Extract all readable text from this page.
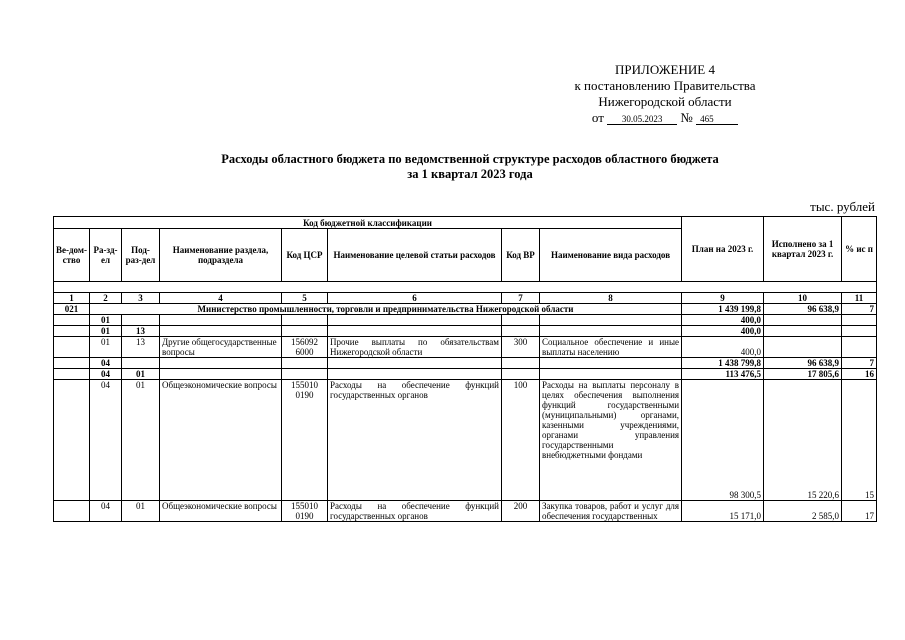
ПРИЛОЖЕНИЕ 4
к постановлению Правительства
Нижегородской области
от 30.05.2023 № 465
Расходы областного бюджета по ведомственной структуре расходов областного бюджета
за 1 квартал 2023 года
тыс. рублей
Код бюджетной классификации								План на 2023 г.	Исполнено за 1 квартал 2023 г.	% ис п
Ве-дом-ство	Ра-зд-ел	Под-раз-дел	Наименование раздела, подраздела	Код ЦСР	Наименование целевой статьи расходов	Код ВР	Наименование вида расходов			

1	2	3	4	5	6	7	8	9	10	11
021	Министерство промышленности, торговли и предпринимательства Нижегородской области							1 439 199,8	96 638,9	7
	01							400,0		
	01	13						400,0		
	01	13	Другие общегосударственные вопросы	156092 6000	Прочие выплаты по обязательствам Нижегородской области	300	Социальное обеспечение и иные выплаты населению	400,0		
	04							1 438 799,8	96 638,9	7
	04	01						113 476,5	17 805,6	16
	04	01	Общеэкономические вопросы	155010 0190	Расходы на обеспечение функций государственных органов	100	Расходы на выплаты персоналу в целях обеспечения выполнения функций государственными (муниципальными) органами, казенными учреждениями, органами управления государственными внебюджетными фондами	98 300,5	15 220,6	15
	04	01	Общеэкономические вопросы	155010 0190	Расходы на обеспечение функций государственных органов	200	Закупка товаров, работ и услуг для обеспечения государственных	15 171,0	2 585,0	17
